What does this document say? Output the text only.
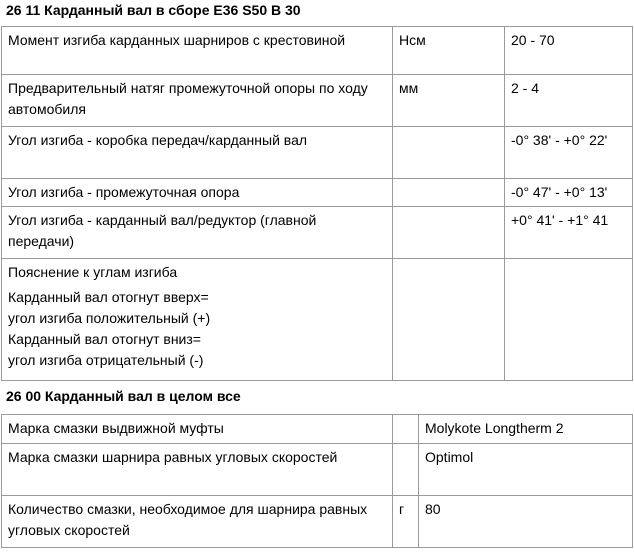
26 11 Карданный вал в сборе E36 S50 B 30
Момент изгиба карданных шарниров с крестовиной	Нсм	20 - 70
Предварительный натяг промежуточной опоры по ходу автомобиля	мм	2 - 4
Угол изгиба - коробка передач/карданный вал		-0° 38' - +0° 22'
Угол изгиба - промежуточная опора		-0° 47' - +0° 13'
Угол изгиба - карданный вал/редуктор (главной передачи)		+0° 41' - +1° 41

Пояснение к углам изгиба
Карданный вал отогнут вверх=
угол изгиба положительный (+)
Карданный вал отогнут вниз=
угол изгиба отрицательный (-)		

26 00 Карданный вал в целом все
Марка смазки выдвижной муфты		Molykote Longtherm 2
Марка смазки шарнира равных угловых скоростей		Optimol
Количество смазки, необходимое для шарнира равных угловых скоростей	г	80
